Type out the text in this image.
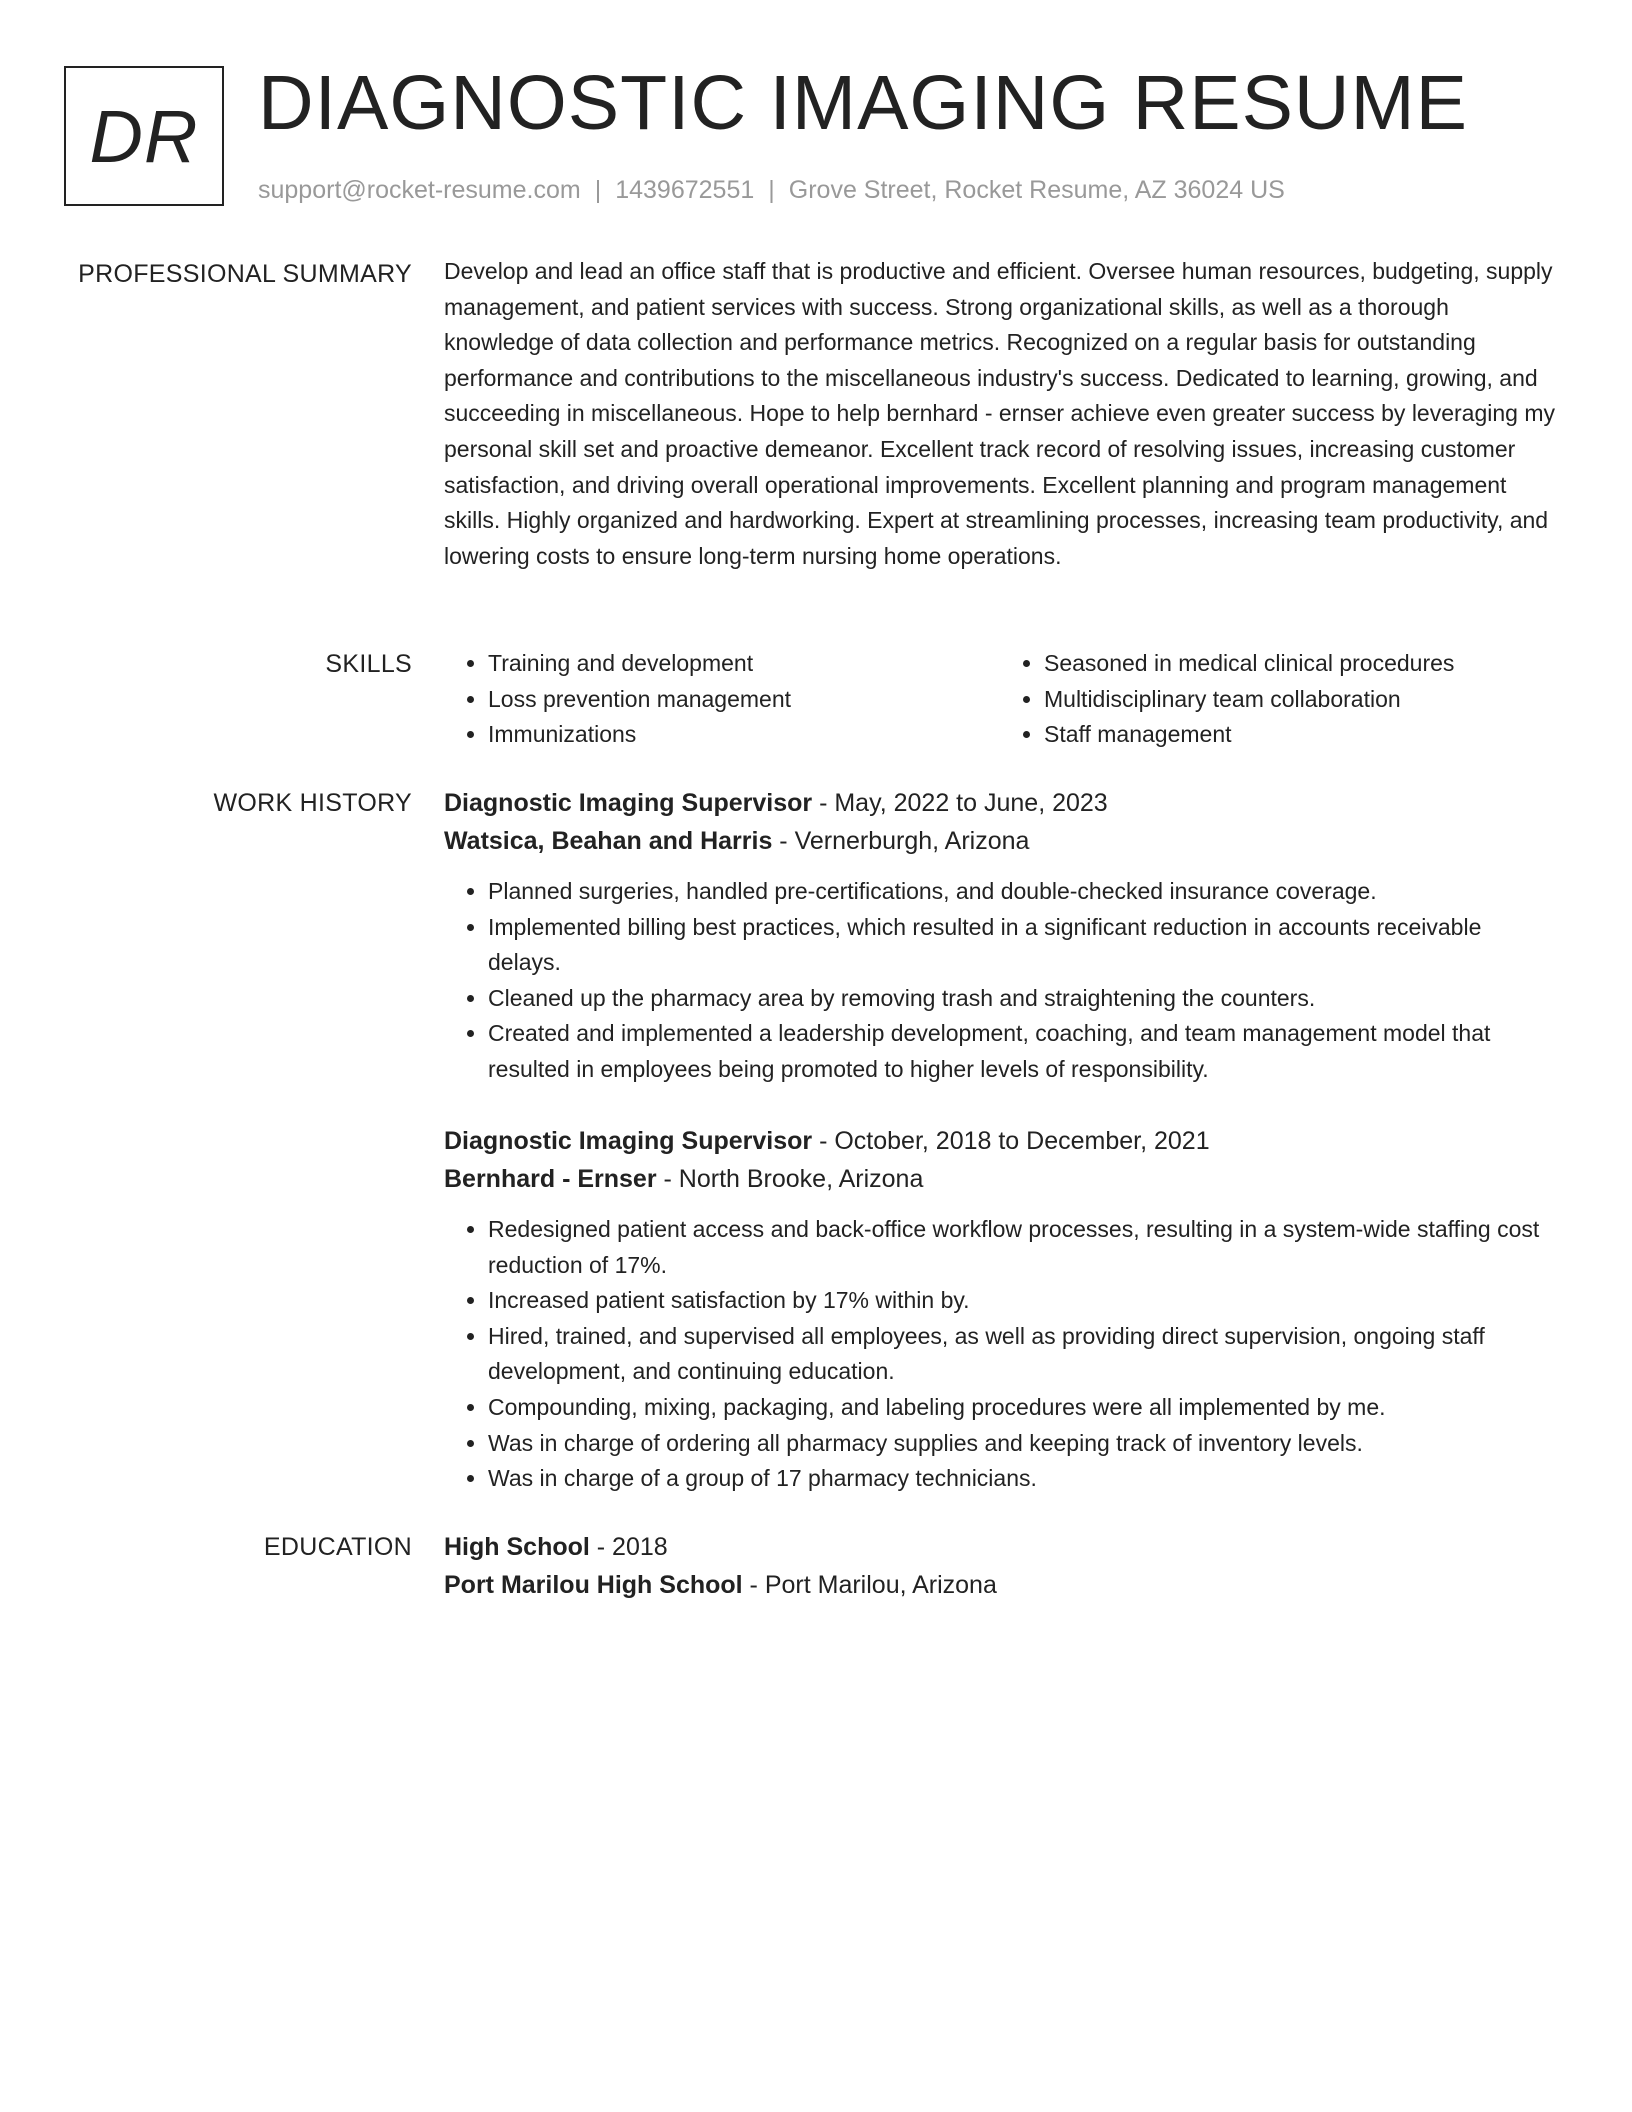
DR DIAGNOSTIC IMAGING RESUME
support@rocket-resume.com | 1439672551 | Grove Street, Rocket Resume, AZ 36024 US
PROFESSIONAL SUMMARY Develop and lead an office staff that is productive and efficient. Oversee human resources, budgeting, supply management, and patient services with success. Strong organizational skills, as well as a thorough knowledge of data collection and performance metrics. Recognized on a regular basis for outstanding performance and contributions to the miscellaneous industry's success. Dedicated to learning, growing, and succeeding in miscellaneous. Hope to help bernhard - ernser achieve even greater success by leveraging my personal skill set and proactive demeanor. Excellent track record of resolving issues, increasing customer satisfaction, and driving overall operational improvements. Excellent planning and program management skills. Highly organized and hardworking. Expert at streamlining processes, increasing team productivity, and lowering costs to ensure long-term nursing home operations.

SKILLS
•	Training and development
• Loss prevention management
• Immunizations
• Seasoned in medical clinical procedures
• Multidisciplinary team collaboration
• Staff management
WORK HISTORY Diagnostic Imaging Supervisor - May, 2022 to June, 2023

Watsica, Beahan and Harris - Vernerburgh, Arizona

• Planned surgeries, handled pre-certifications, and double-checked insurance coverage.
• Implemented billing best practices, which resulted in a significant reduction in accounts receivable delays.
• Cleaned up the pharmacy area by removing trash and straightening the counters.
• Created and implemented a leadership development, coaching, and team management model that resulted in employees being promoted to higher levels of responsibility.

Diagnostic Imaging Supervisor - October, 2018 to December, 2021

Bernhard - Ernser - North Brooke, Arizona

• Redesigned patient access and back-office workflow processes, resulting in a system-wide staffing cost reduction of 17%.
• Increased patient satisfaction by 17% within by.
• Hired, trained, and supervised all employees, as well as providing direct supervision, ongoing staff development, and continuing education.
• Compounding, mixing, packaging, and labeling procedures were all implemented by me.
• Was in charge of ordering all pharmacy supplies and keeping track of inventory levels.
• Was in charge of a group of 17 pharmacy technicians.
EDUCATION High School - 2018

Port Marilou High School - Port Marilou, Arizona
